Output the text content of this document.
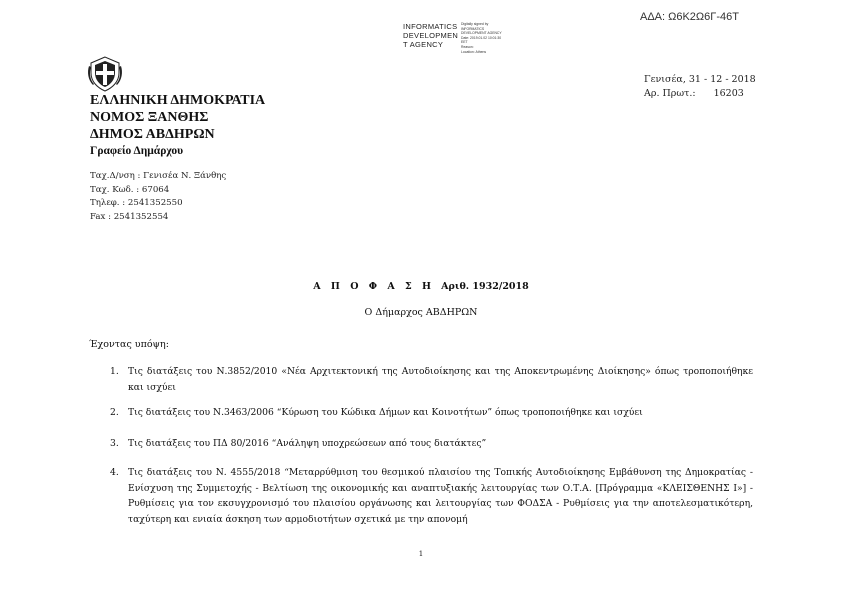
ΑΔΑ: Ω6Κ2Ω6Γ-46Τ
INFORMATICS
DEVELOPMEN
T AGENCY
Digitally signed by
INFORMATICS
DEVELOPMENT AGENCY
Date: 2019.01.02 10:01:30
EET
Reason:
Location: Athens
Γενισέα, 31 - 12 - 2018
Αρ. Πρωτ.: 16203
ΕΛΛΗΝΙΚΗ ΔΗΜΟΚΡΑΤΙΑ
ΝΟΜΟΣ ΞΑΝΘΗΣ
ΔΗΜΟΣ ΑΒΔΗΡΩΝ
Γραφείο Δημάρχου
Ταχ.Δ/νση : Γενισέα Ν. Ξάνθης
Ταχ. Κωδ. : 67064
Τηλεφ. : 2541352550
Fax : 2541352554
Α Π Ο Φ Α Σ Η Αριθ. 1932/2018
Ο Δήμαρχος ΑΒΔΗΡΩΝ
Έχοντας υπόψη:
1. Τις διατάξεις του Ν.3852/2010 «Νέα Αρχιτεκτονική της Αυτοδιοίκησης και της Αποκεντρωμένης Διοίκησης» όπως τροποποιήθηκε και ισχύει
2. Τις διατάξεις του Ν.3463/2006 “Κύρωση του Κώδικα Δήμων και Κοινοτήτων” όπως τροποποιήθηκε και ισχύει
3. Τις διατάξεις του ΠΔ 80/2016 “Ανάληψη υποχρεώσεων από τους διατάκτες”
4. Τις διατάξεις του Ν. 4555/2018 “Μεταρρύθμιση του θεσμικού πλαισίου της Τοπικής Αυτοδιοίκησης Εμβάθυνση της Δημοκρατίας - Ενίσχυση της Συμμετοχής - Βελτίωση της οικονομικής και αναπτυξιακής λειτουργίας των Ο.Τ.Α. [Πρόγραμμα «ΚΛΕΙΣΘΕΝΗΣ Ι»] - Ρυθμίσεις για τον εκσυγχρονισμό του πλαισίου οργάνωσης και λειτουργίας των ΦΟΔΣΑ - Ρυθμίσεις για την αποτελεσματικότερη, ταχύτερη και ενιαία άσκηση των αρμοδιοτήτων σχετικά με την απονομή
1
